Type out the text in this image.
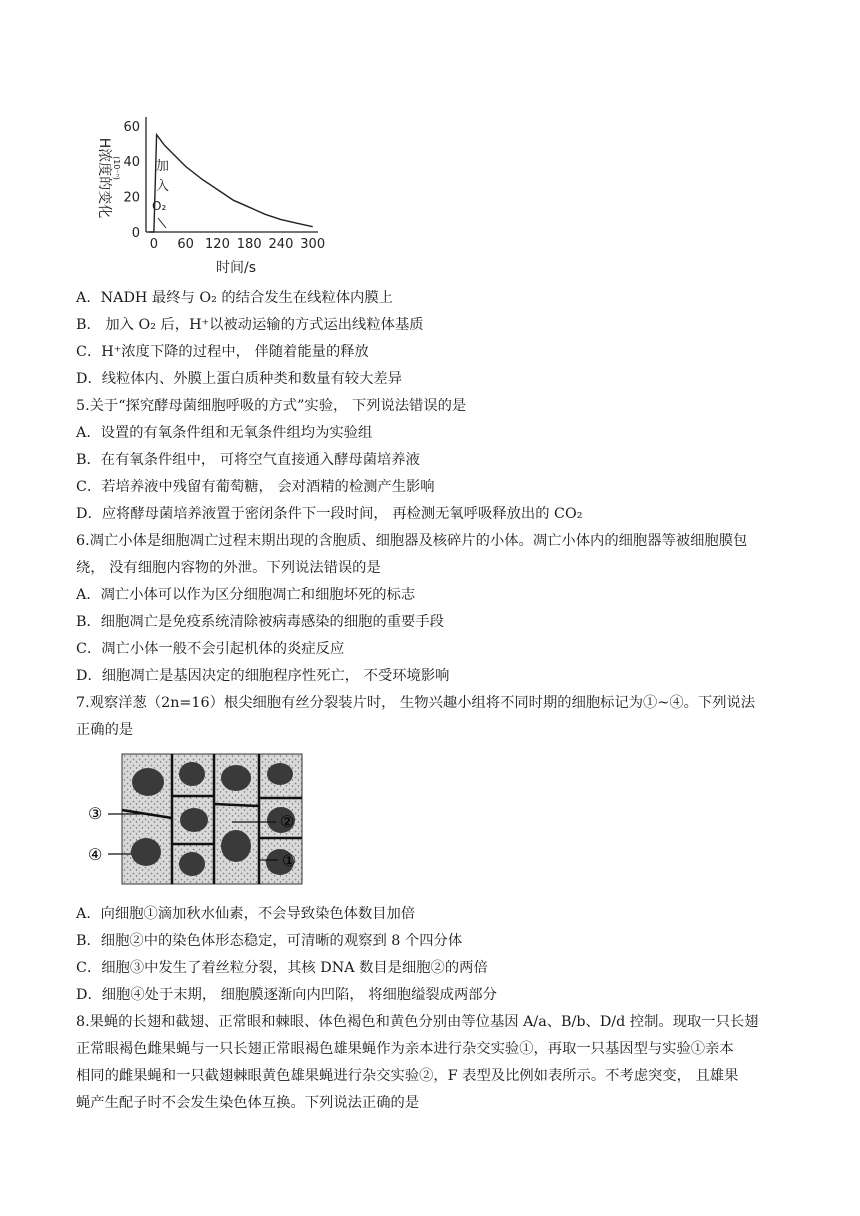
H浓度的变化 (10⁻ⁿ)
60
40
20
0
0 60 120 180 240 300
时间/s
加
入
O₂
A．NADH 最终与 O₂ 的结合发生在线粒体内膜上
B． 加入 O₂ 后，H⁺以被动运输的方式运出线粒体基质
C．H⁺浓度下降的过程中， 伴随着能量的释放
D．线粒体内、外膜上蛋白质种类和数量有较大差异
5.关于“探究酵母菌细胞呼吸的方式”实验， 下列说法错误的是
A．设置的有氧条件组和无氧条件组均为实验组
B．在有氧条件组中， 可将空气直接通入酵母菌培养液
C．若培养液中残留有葡萄糖， 会对酒精的检测产生影响
D．应将酵母菌培养液置于密闭条件下一段时间， 再检测无氧呼吸释放出的 CO₂
6.凋亡小体是细胞凋亡过程末期出现的含胞质、细胞器及核碎片的小体。凋亡小体内的细胞器等被细胞膜包
绕， 没有细胞内容物的外泄。下列说法错误的是
A．凋亡小体可以作为区分细胞凋亡和细胞坏死的标志
B．细胞凋亡是免疫系统清除被病毒感染的细胞的重要手段
C．凋亡小体一般不会引起机体的炎症反应
D．细胞凋亡是基因决定的细胞程序性死亡， 不受环境影响
7.观察洋葱（2n=16）根尖细胞有丝分裂装片时， 生物兴趣小组将不同时期的细胞标记为①~④。下列说法
正确的是
③
④
②
①
A．向细胞①滴加秋水仙素，不会导致染色体数目加倍
B．细胞②中的染色体形态稳定，可清晰的观察到 8 个四分体
C．细胞③中发生了着丝粒分裂，其核 DNA 数目是细胞②的两倍
D．细胞④处于末期， 细胞膜逐渐向内凹陷， 将细胞缢裂成两部分
8.果蝇的长翅和截翅、正常眼和棘眼、体色褐色和黄色分别由等位基因 A/a、B/b、D/d 控制。现取一只长翅
正常眼褐色雌果蝇与一只长翅正常眼褐色雄果蝇作为亲本进行杂交实验①，再取一只基因型与实验①亲本
相同的雌果蝇和一只截翅棘眼黄色雄果蝇进行杂交实验②，F 表型及比例如表所示。不考虑突变， 且雄果
蝇产生配子时不会发生染色体互换。下列说法正确的是
